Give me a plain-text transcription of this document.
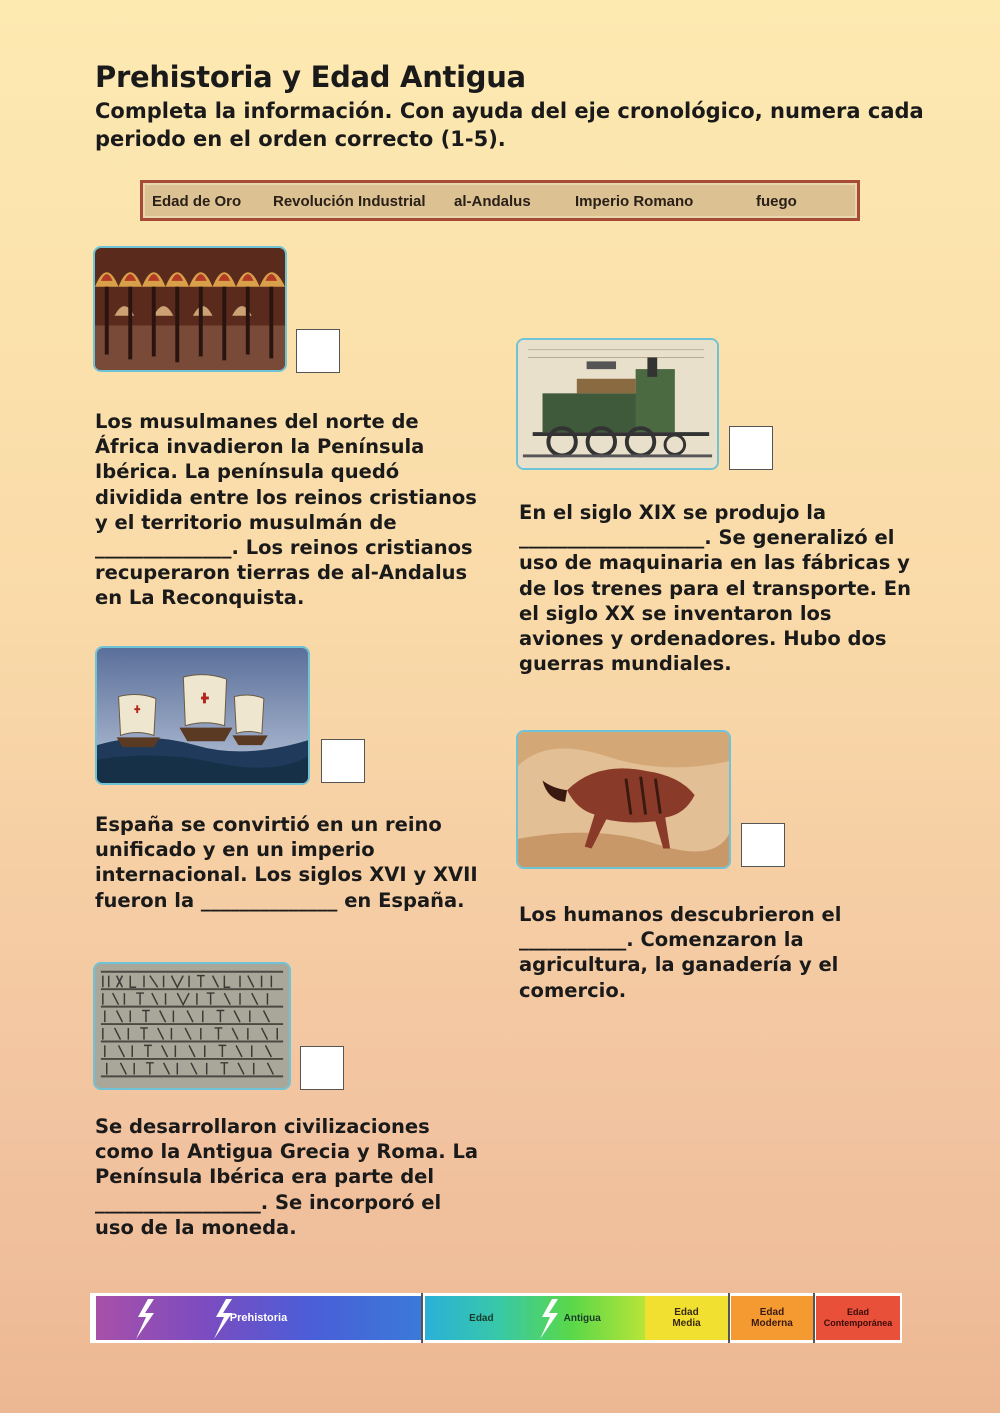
Prehistoria y Edad Antigua
Completa la información. Con ayuda del eje cronológico, numera cada periodo en el orden correcto (1-5).
Edad de Oro Revolución Industrial al-Andalus	Imperio Romano	fuego
Los musulmanes del norte de África invadieron la Península Ibérica. La península quedó dividida entre los reinos cristianos y el territorio musulmán de ______________. Los reinos cristianos recuperaron tierras de al-Andalus en La Reconquista.
En el siglo XIX se produjo la ___________________. Se generalizó el uso de maquinaria en las fábricas y de los trenes para el transporte. En el siglo XX se inventaron los aviones y ordenadores. Hubo dos guerras mundiales.
España se convirtió en un reino unificado y en un imperio internacional. Los siglos XVI y XVII fueron la ______________ en España.
Los humanos descubrieron el ___________. Comenzaron la agricultura, la ganadería y el comercio.
Se desarrollaron civilizaciones como la Antigua Grecia y Roma. La Península Ibérica era parte del _________________. Se incorporó el uso de la moneda.
Prehistoria	Edad	Antigua	Edad Media
Edad Moderna
Edad Contemporánea
